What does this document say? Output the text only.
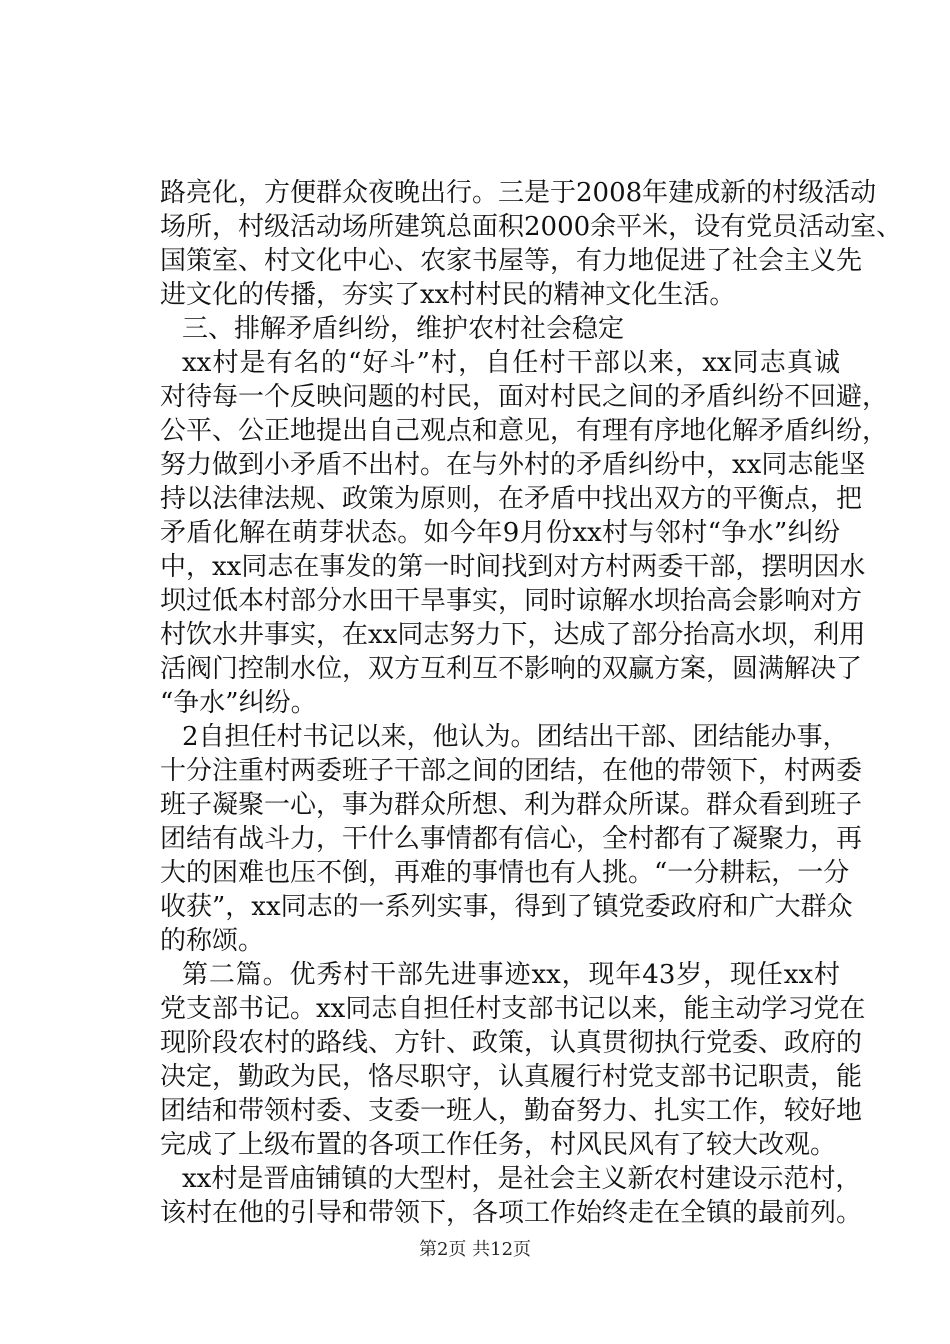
路亮化，方便群众夜晚出行。三是于2008年建成新的村级活动
场所，村级活动场所建筑总面积2000余平米，设有党员活动室、
国策室、村文化中心、农家书屋等，有力地促进了社会主义先
进文化的传播，夯实了xx村村民的精神文化生活。
三、排解矛盾纠纷，维护农村社会稳定
xx村是有名的“好斗”村，自任村干部以来，xx同志真诚
对待每一个反映问题的村民，面对村民之间的矛盾纠纷不回避，
公平、公正地提出自己观点和意见，有理有序地化解矛盾纠纷，
努力做到小矛盾不出村。在与外村的矛盾纠纷中，xx同志能坚
持以法律法规、政策为原则，在矛盾中找出双方的平衡点，把
矛盾化解在萌芽状态。如今年9月份xx村与邻村“争水”纠纷
中，xx同志在事发的第一时间找到对方村两委干部，摆明因水
坝过低本村部分水田干旱事实，同时谅解水坝抬高会影响对方
村饮水井事实，在xx同志努力下，达成了部分抬高水坝，利用
活阀门控制水位，双方互利互不影响的双赢方案，圆满解决了
“争水”纠纷。
2自担任村书记以来，他认为。团结出干部、团结能办事，
十分注重村两委班子干部之间的团结，在他的带领下，村两委
班子凝聚一心，事为群众所想、利为群众所谋。群众看到班子
团结有战斗力，干什么事情都有信心，全村都有了凝聚力，再
大的困难也压不倒，再难的事情也有人挑。“一分耕耘，一分
收获”，xx同志的一系列实事，得到了镇党委政府和广大群众
的称颂。
第二篇。优秀村干部先进事迹xx，现年43岁，现任xx村
党支部书记。xx同志自担任村支部书记以来，能主动学习党在
现阶段农村的路线、方针、政策，认真贯彻执行党委、政府的
决定，勤政为民，恪尽职守，认真履行村党支部书记职责，能
团结和带领村委、支委一班人，勤奋努力、扎实工作，较好地
完成了上级布置的各项工作任务，村风民风有了较大改观。
xx村是晋庙铺镇的大型村，是社会主义新农村建设示范村，
该村在他的引导和带领下，各项工作始终走在全镇的最前列。
第2页 共12页
